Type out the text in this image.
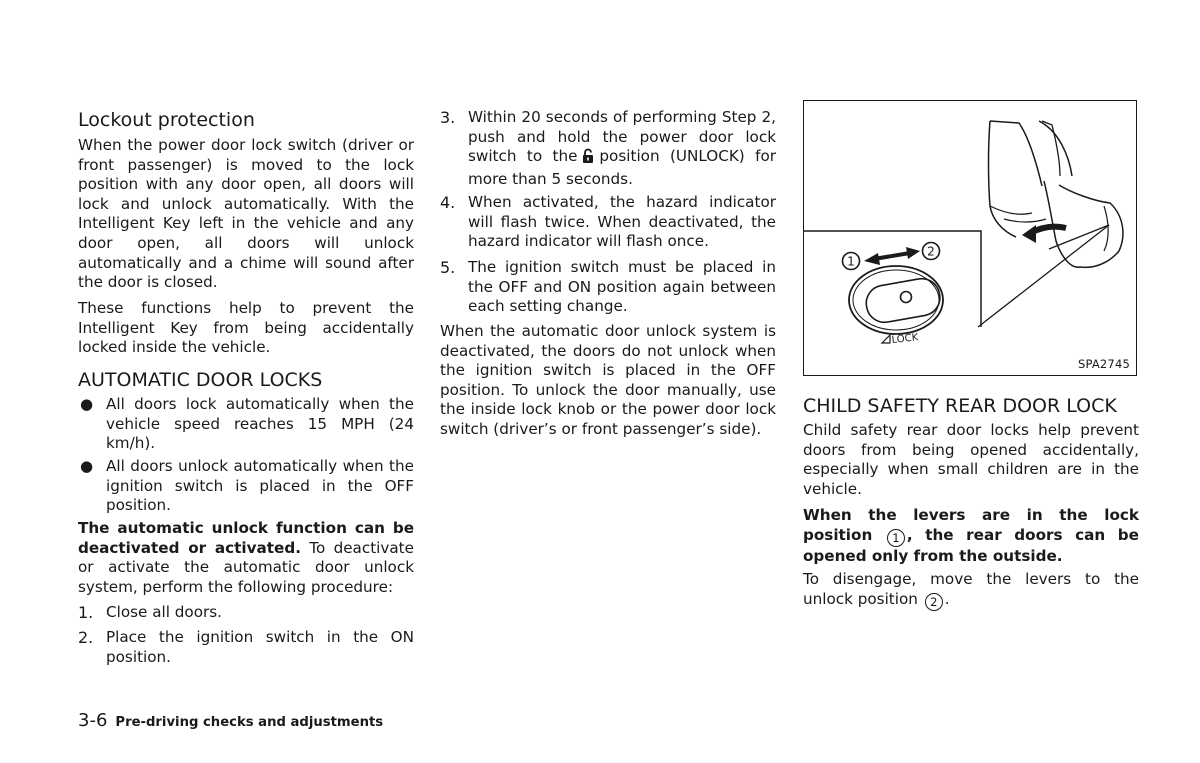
Lockout protection

When the power door lock switch (driver or front passenger) is moved to the lock position with any door open, all doors will lock and unlock automatically. With the Intelligent Key left in the vehicle and any door open, all doors will unlock automatically and a chime will sound after the door is closed.

These functions help to prevent the Intelligent Key from being accidentally locked inside the vehicle.

AUTOMATIC DOOR LOCKS
● All doors lock automatically when the vehicle speed reaches 15 MPH (24 km/h).

● All doors unlock automatically when the ignition switch is placed in the OFF position.

The automatic unlock function can be deactivated or activated. To deactivate or activate the automatic door unlock system, perform the following procedure:

1. Close all doors.

2. Place the ignition switch in the ON position.

3. Within 20 seconds of performing Step 2, push and hold the power door lock switch to the position (UNLOCK) for more than 5 seconds.

4. When activated, the hazard indicator will flash twice. When deactivated, the hazard indicator will flash once.

5. The ignition switch must be placed in the OFF and ON position again between each setting change.

When the automatic door unlock system is deactivated, the doors do not unlock when the ignition switch is placed in the OFF position. To unlock the door manually, use the inside lock knob or the power door lock switch (driver’s or front passenger’s side).

1
2
LOCK
SPA2745
CHILD SAFETY REAR DOOR LOCK

Child safety rear door locks help prevent doors from being opened accidentally, especially when small children are in the vehicle.

When the levers are in the lock position 1 , the rear doors can be opened only from the outside.

To disengage, move the levers to the unlock position 2 .

3-6 Pre-driving checks and adjustments
